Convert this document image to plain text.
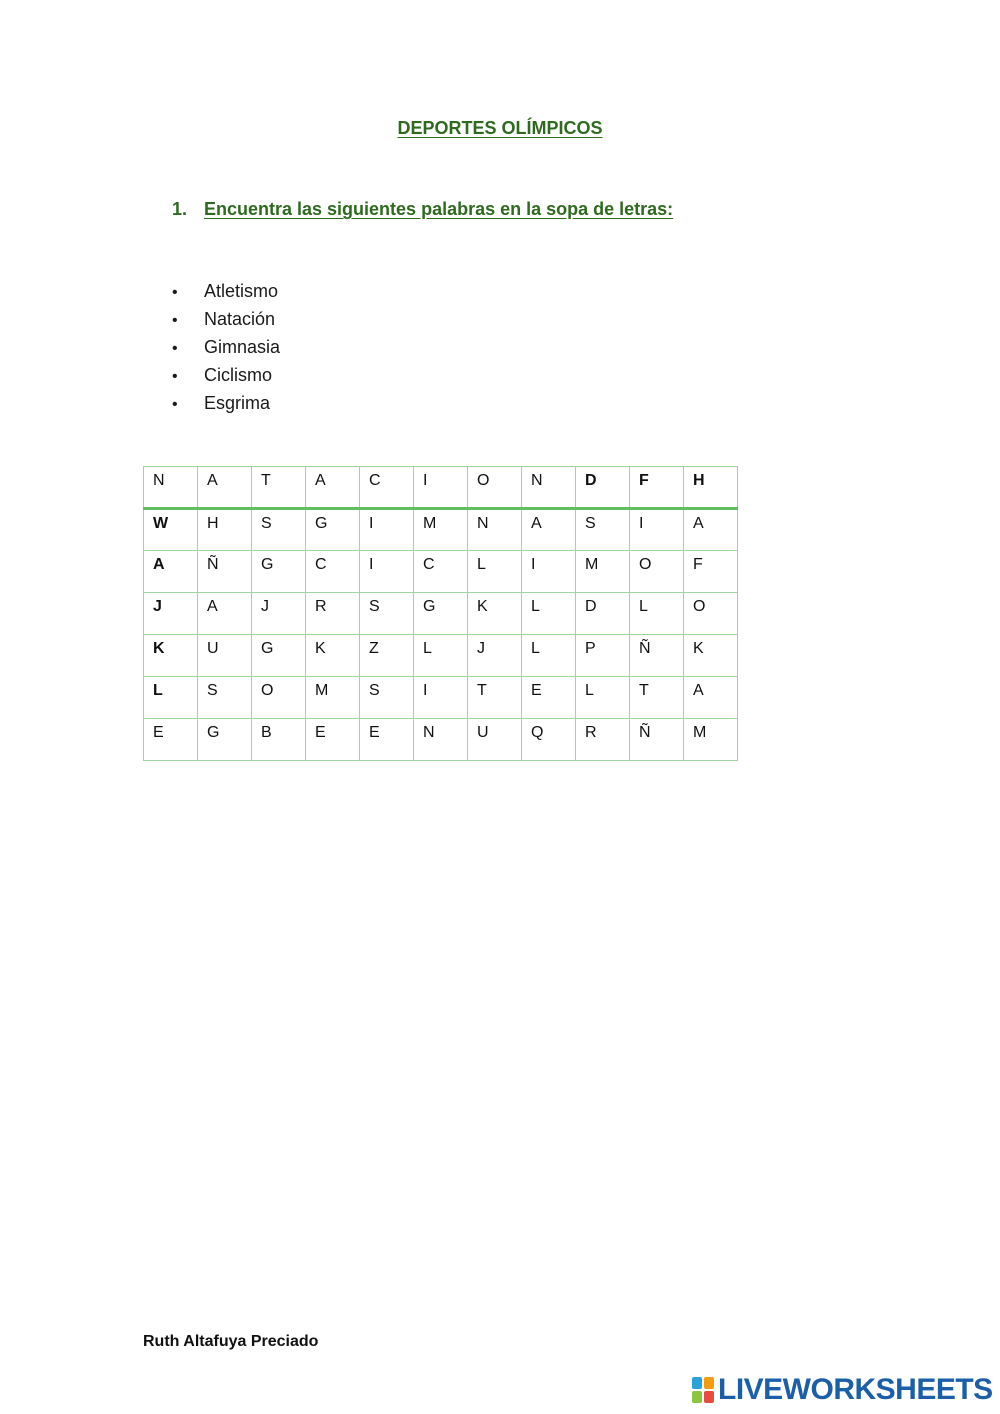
DEPORTES OLÍMPICOS
1. Encuentra las siguientes palabras en la sopa de letras:
• Atletismo
• Natación
• Gimnasia
• Ciclismo
• Esgrima
N	A	T	A	C	I	O	N	D	F	H
W	H	S	G	I	M	N	A	S	I	A
A	Ñ	G	C	I	C	L	I	M	O	F
J	A	J	R	S	G	K	L	D	L	O
K	U	G	K	Z	L	J	L	P	Ñ	K
L	S	O	M	S	I	T	E	L	T	A
E	G	B	E	E	N	U	Q	R	Ñ	M
Ruth Altafuya Preciado
LIVEWORKSHEETS
